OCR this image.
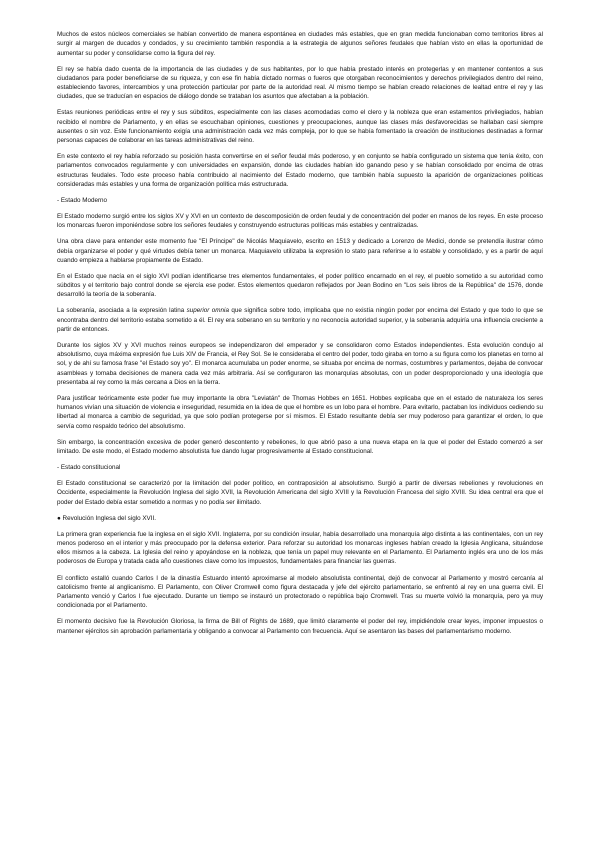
Muchos de estos núcleos comerciales se habían convertido de manera espontánea en ciudades más estables, que en gran medida funcionaban como territorios libres al surgir al margen de ducados y condados, y su crecimiento también respondía a la estrategia de algunos señores feudales que habían visto en ellas la oportunidad de aumentar su poder y consolidarse como la figura del rey.

El rey se había dado cuenta de la importancia de las ciudades y de sus habitantes, por lo que había prestado interés en protegerlas y en mantener contentos a sus ciudadanos para poder beneficiarse de su riqueza, y con ese fin había dictado normas o fueros que otorgaban reconocimientos y derechos privilegiados dentro del reino, estableciendo favores, intercambios y una protección particular por parte de la autoridad real. Al mismo tiempo se habían creado relaciones de lealtad entre el rey y las ciudades, que se traducían en espacios de diálogo donde se trataban los asuntos que afectaban a la población.

Estas reuniones periódicas entre el rey y sus súbditos, especialmente con las clases acomodadas como el clero y la nobleza que eran estamentos privilegiados, habían recibido el nombre de Parlamento, y en ellas se escuchaban opiniones, cuestiones y preocupaciones, aunque las clases más desfavorecidas se hallaban casi siempre ausentes o sin voz. Este funcionamiento exigía una administración cada vez más compleja, por lo que se había fomentado la creación de instituciones destinadas a formar personas capaces de colaborar en las tareas administrativas del reino.

En este contexto el rey había reforzado su posición hasta convertirse en el señor feudal más poderoso, y en conjunto se había configurado un sistema que tenía éxito, con parlamentos convocados regularmente y con universidades en expansión, donde las ciudades habían ido ganando peso y se habían consolidado por encima de otras estructuras feudales. Todo este proceso había contribuido al nacimiento del Estado moderno, que también había supuesto la aparición de organizaciones políticas consideradas más estables y una forma de organización política más estructurada.

- Estado Moderno

El Estado moderno surgió entre los siglos XV y XVI en un contexto de descomposición de orden feudal y de concentración del poder en manos de los reyes. En este proceso los monarcas fueron imponiéndose sobre los señores feudales y construyendo estructuras políticas más estables y centralizadas.

Una obra clave para entender este momento fue "El Príncipe" de Nicolás Maquiavelo, escrito en 1513 y dedicado a Lorenzo de Medici, donde se pretendía ilustrar cómo debía organizarse el poder y qué virtudes debía tener un monarca. Maquiavelo utilizaba la expresión lo stato para referirse a lo estable y consolidado, y es a partir de aquí cuando empieza a hablarse propiamente de Estado.

En el Estado que nacía en el siglo XVI podían identificarse tres elementos fundamentales, el poder político encarnado en el rey, el pueblo sometido a su autoridad como súbditos y el territorio bajo control donde se ejercía ese poder. Estos elementos quedaron reflejados por Jean Bodino en "Los seis libros de la República" de 1576, donde desarrolló la teoría de la soberanía.

La soberanía, asociada a la expresión latina superior omnia que significa sobre todo, implicaba que no existía ningún poder por encima del Estado y que todo lo que se encontraba dentro del territorio estaba sometido a él. El rey era soberano en su territorio y no reconocía autoridad superior, y la soberanía adquiría una influencia creciente a partir de entonces.

Durante los siglos XV y XVI muchos reinos europeos se independizaron del emperador y se consolidaron como Estados independientes. Esta evolución condujo al absolutismo, cuya máxima expresión fue Luis XIV de Francia, el Rey Sol. Se le consideraba el centro del poder, todo giraba en torno a su figura como los planetas en torno al sol, y de ahí su famosa frase "el Estado soy yo". El monarca acumulaba un poder enorme, se situaba por encima de normas, costumbres y parlamentos, dejaba de convocar asambleas y tomaba decisiones de manera cada vez más arbitraria. Así se configuraron las monarquías absolutas, con un poder desproporcionado y una ideología que presentaba al rey como la más cercana a Dios en la tierra.

Para justificar teóricamente este poder fue muy importante la obra "Leviatán" de Thomas Hobbes en 1651. Hobbes explicaba que en el estado de naturaleza los seres humanos vivían una situación de violencia e inseguridad, resumida en la idea de que el hombre es un lobo para el hombre. Para evitarlo, pactaban los individuos cediendo su libertad al monarca a cambio de seguridad, ya que solo podían protegerse por sí mismos. El Estado resultante debía ser muy poderoso para garantizar el orden, lo que servía como respaldo teórico del absolutismo.

Sin embargo, la concentración excesiva de poder generó descontento y rebeliones, lo que abrió paso a una nueva etapa en la que el poder del Estado comenzó a ser limitado. De este modo, el Estado moderno absolutista fue dando lugar progresivamente al Estado constitucional.

- Estado constitucional

El Estado constitucional se caracterizó por la limitación del poder político, en contraposición al absolutismo. Surgió a partir de diversas rebeliones y revoluciones en Occidente, especialmente la Revolución Inglesa del siglo XVII, la Revolución Americana del siglo XVIII y la Revolución Francesa del siglo XVIII. Su idea central era que el poder del Estado debía estar sometido a normas y no podía ser ilimitado.

● Revolución Inglesa del siglo XVII.

La primera gran experiencia fue la inglesa en el siglo XVII. Inglaterra, por su condición insular, había desarrollado una monarquía algo distinta a las continentales, con un rey menos poderoso en el interior y más preocupado por la defensa exterior. Para reforzar su autoridad los monarcas ingleses habían creado la Iglesia Anglicana, situándose ellos mismos a la cabeza. La Iglesia del reino y apoyándose en la nobleza, que tenía un papel muy relevante en el Parlamento. El Parlamento inglés era uno de los más poderosos de Europa y tratada cada año cuestiones clave como los impuestos, fundamentales para financiar las guerras.

El conflicto estalló cuando Carlos I de la dinastía Estuardo intentó aproximarse al modelo absolutista continental, dejó de convocar al Parlamento y mostró cercanía al catolicismo frente al anglicanismo. El Parlamento, con Oliver Cromwell como figura destacada y jefe del ejército parlamentario, se enfrentó al rey en una guerra civil. El Parlamento venció y Carlos I fue ejecutado. Durante un tiempo se instauró un protectorado o república bajo Cromwell. Tras su muerte volvió la monarquía, pero ya muy condicionada por el Parlamento.

El momento decisivo fue la Revolución Gloriosa, la firma de Bill of Rights de 1689, que limitó claramente el poder del rey, impidiéndole crear leyes, imponer impuestos o mantener ejércitos sin aprobación parlamentaria y obligando a convocar al Parlamento con frecuencia. Aquí se asentaron las bases del parlamentarismo moderno.
